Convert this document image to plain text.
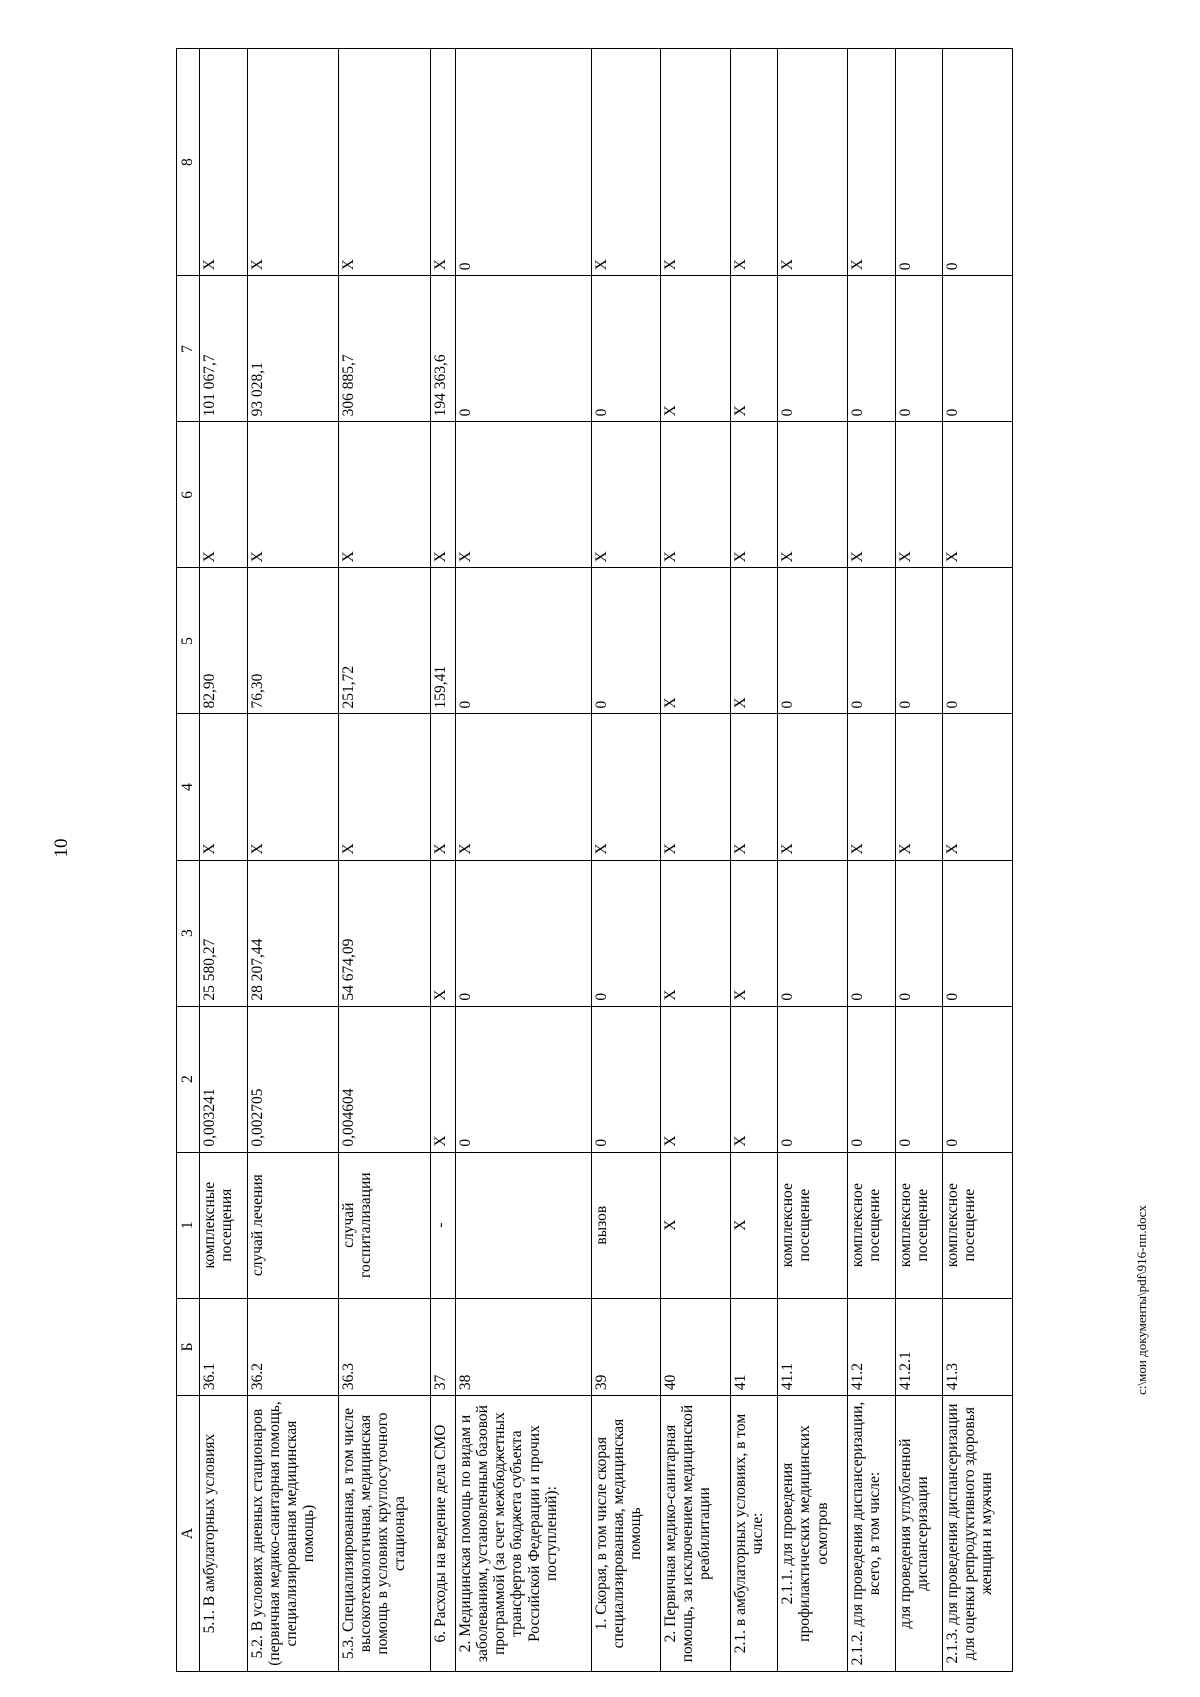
10
А	Б	1	2	3	4	5	6	7	8
5.1. В амбулаторных условиях	36.1	комплексные посещения	0,003241	25 580,27	Х	82,90	Х	101 067,7	Х
5.2. В условиях дневных стационаров (первичная медико-санитарная помощь, специализированная медицинская помощь)	36.2	случай лечения	0,002705	28 207,44	Х	76,30	Х	93 028,1	Х
5.3. Специализированная, в том числе высокотехнологичная, медицинская помощь в условиях круглосуточного стационара	36.3	случай госпитализации	0,004604	54 674,09	Х	251,72	Х	306 885,7	Х
6. Расходы на ведение дела СМО	37	-	Х	Х	Х	159,41	Х	194 363,6	Х
2. Медицинская помощь по видам и заболеваниям, установленным базовой программой (за счет межбюджетных трансфертов бюджета субъекта Российской Федерации и прочих поступлений):	38		0	0	Х	0	Х	0	0
1. Скорая, в том числе скорая специализированная, медицинская помощь	39	вызов	0	0	Х	0	Х	0	Х
2. Первичная медико-санитарная помощь, за исключением медицинской реабилитации	40	Х	Х	Х	Х	Х	Х	Х	Х
2.1. в амбулаторных условиях, в том числе:	41	Х	Х	Х	Х	Х	Х	Х	Х
2.1.1. для проведения профилактических медицинских осмотров	41.1	комплексное посещение	0	0	Х	0	Х	0	Х
2.1.2. для проведения диспансеризации, всего, в том числе:	41.2	комплексное посещение	0	0	Х	0	Х	0	Х
для проведения углубленной диспансеризации	41.2.1	комплексное посещение	0	0	Х	0	Х	0	0
2.1.3. для проведения диспансеризации для оценки репродуктивного здоровья женщин и мужчин	41.3	комплексное посещение	0	0	Х	0	Х	0	0
с:\мои документы\pdf\916-пп.docx
